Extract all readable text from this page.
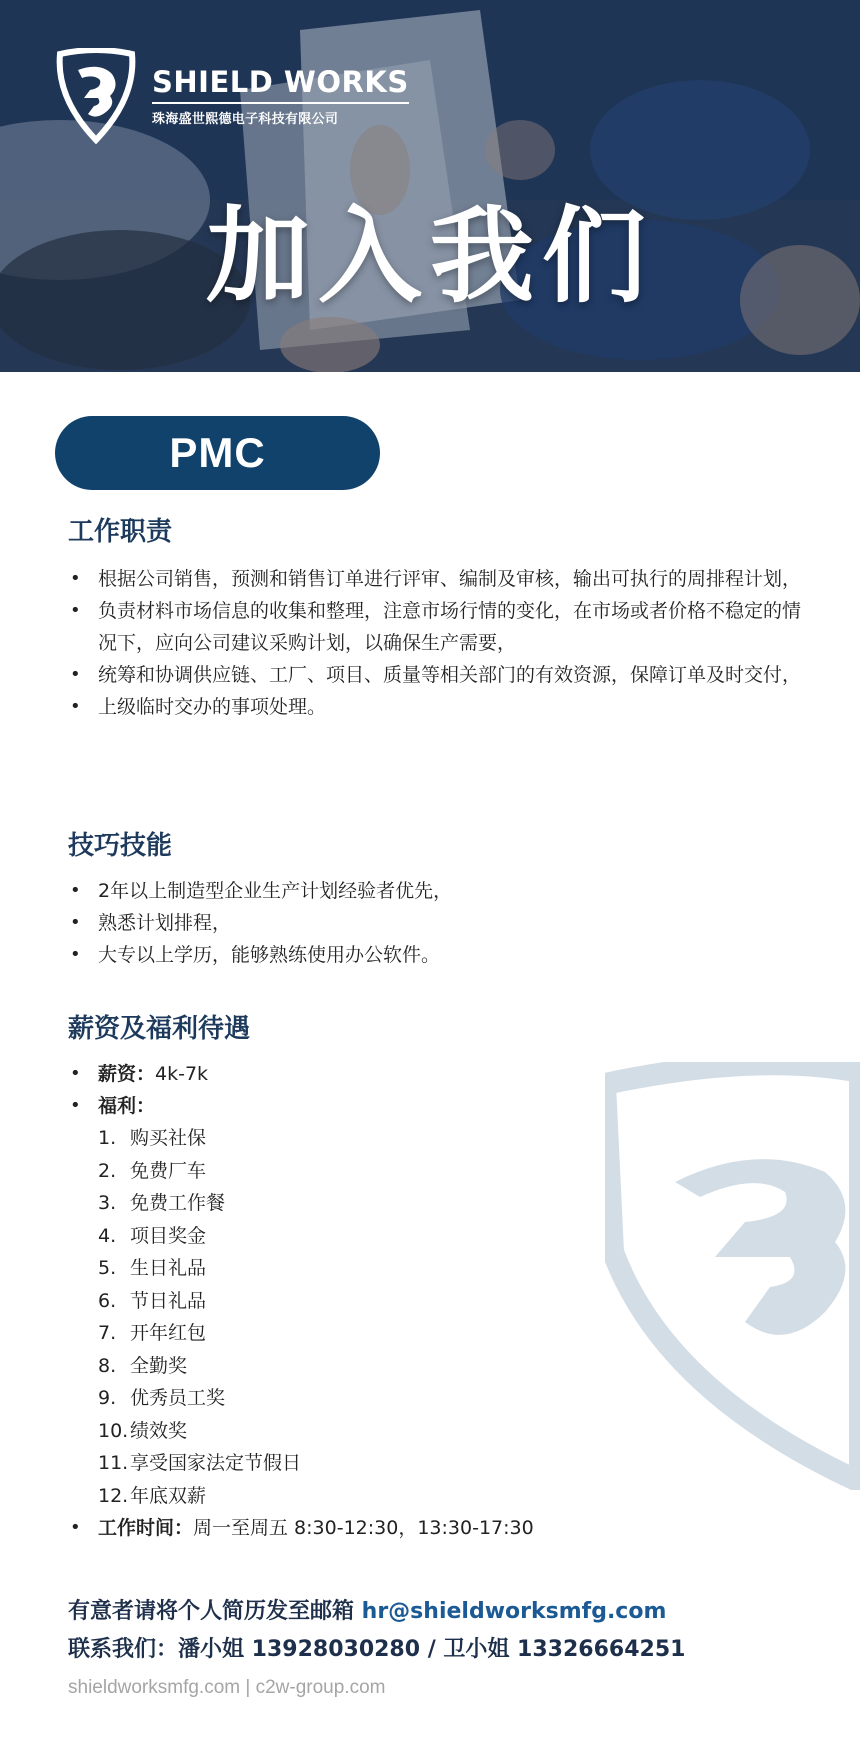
SHIELD WORKS
珠海盛世熙德电子科技有限公司
加入我们
PMC
工作职责
• 根据公司销售，预测和销售订单进行评审、编制及审核，输出可执行的周排程计划，
• 负责材料市场信息的收集和整理，注意市场行情的变化，在市场或者价格不稳定的情况下，应向公司建议采购计划，以确保生产需要，
• 统筹和协调供应链、工厂、项目、质量等相关部门的有效资源，保障订单及时交付，
• 上级临时交办的事项处理。
技巧技能
• 2年以上制造型企业生产计划经验者优先，
• 熟悉计划排程，
• 大专以上学历，能够熟练使用办公软件。
薪资及福利待遇
• 薪资：4k-7k
• 福利：
1. 购买社保
2. 免费厂车
3. 免费工作餐
4. 项目奖金
5. 生日礼品
6. 节日礼品
7. 开年红包
8. 全勤奖
9. 优秀员工奖
10.绩效奖
11.享受国家法定节假日
12.年底双薪
• 工作时间：周一至周五 8:30-12:30，13:30-17:30
有意者请将个人简历发至邮箱 hr@shieldworksmfg.com
联系我们：潘小姐 13928030280 / 卫小姐 13326664251
shieldworksmfg.com | c2w-group.com
